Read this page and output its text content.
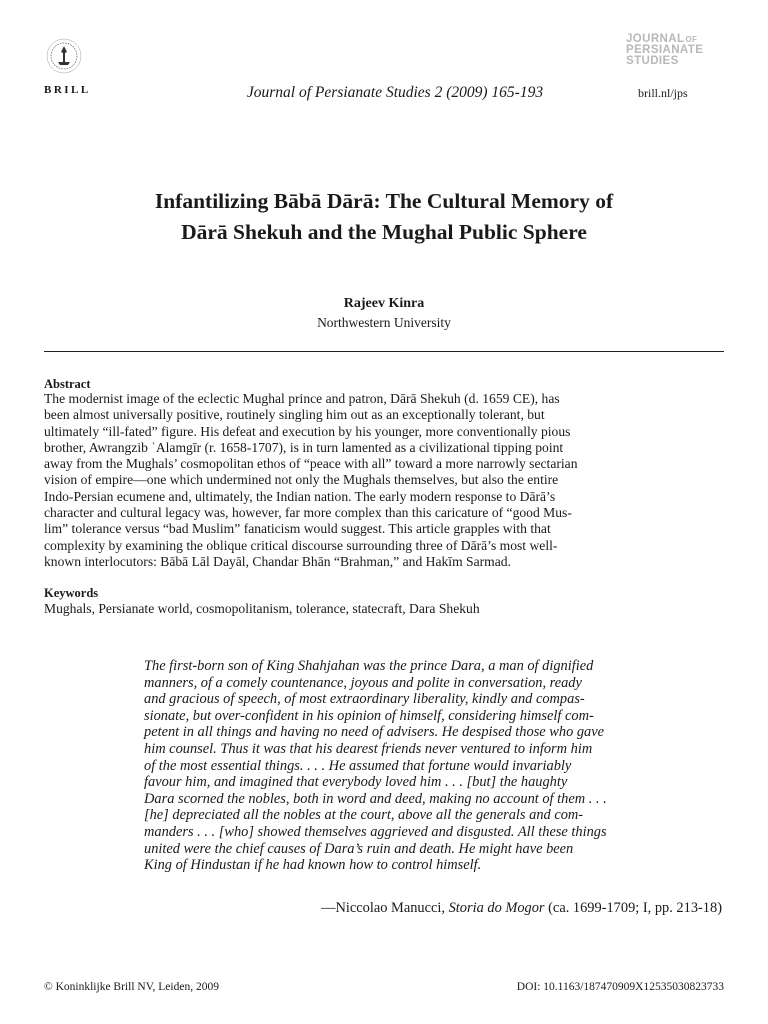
BRILL	Journal of Persianate Studies 2 (2009) 165-193
JOURNALOF
PERSIANATE
STUDIES
brill.nl/jps
Infantilizing Bābā Dārā: The Cultural Memory of
Dārā Shekuh and the Mughal Public Sphere
Rajeev Kinra
Northwestern University
Abstract

The modernist image of the eclectic Mughal prince and patron, Dārā Shekuh (d. 1659 CE), has

been almost universally positive, routinely singling him out as an exceptionally tolerant, but

ultimately “ill-fated” figure. His defeat and execution by his younger, more conventionally pious

brother, Awrangzib ʿAlamgīr (r. 1658-1707), is in turn lamented as a civilizational tipping point

away from the Mughals’ cosmopolitan ethos of “peace with all” toward a more narrowly sectarian

vision of empire—one which undermined not only the Mughals themselves, but also the entire

Indo-Persian ecumene and, ultimately, the Indian nation. The early modern response to Dārā’s

character and cultural legacy was, however, far more complex than this caricature of “good Mus-

lim” tolerance versus “bad Muslim” fanaticism would suggest. This article grapples with that

complexity by examining the oblique critical discourse surrounding three of Dārā’s most well-

known interlocutors: Bābā Lāl Dayāl, Chandar Bhān “Brahman,” and Hakīm Sarmad.

Keywords
Mughals, Persianate world, cosmopolitanism, tolerance, statecraft, Dara Shekuh

The first-born son of King Shahjahan was the prince Dara, a man of dignified

manners, of a comely countenance, joyous and polite in conversation, ready

and gracious of speech, of most extraordinary liberality, kindly and compas-

sionate, but over-confident in his opinion of himself, considering himself com-

petent in all things and having no need of advisers. He despised those who gave

him counsel. Thus it was that his dearest friends never ventured to inform him

of the most essential things. . . . He assumed that fortune would invariably

favour him, and imagined that everybody loved him . . . [but] the haughty

Dara scorned the nobles, both in word and deed, making no account of them . . .

[he] depreciated all the nobles at the court, above all the generals and com-

manders . . . [who] showed themselves aggrieved and disgusted. All these things

united were the chief causes of Dara’s ruin and death. He might have been

King of Hindustan if he had known how to control himself.

—Niccolao Manucci, Storia do Mogor (ca. 1699-1709; I, pp. 213-18)
© Koninklijke Brill NV, Leiden, 2009	DOI: 10.1163/187470909X12535030823733
